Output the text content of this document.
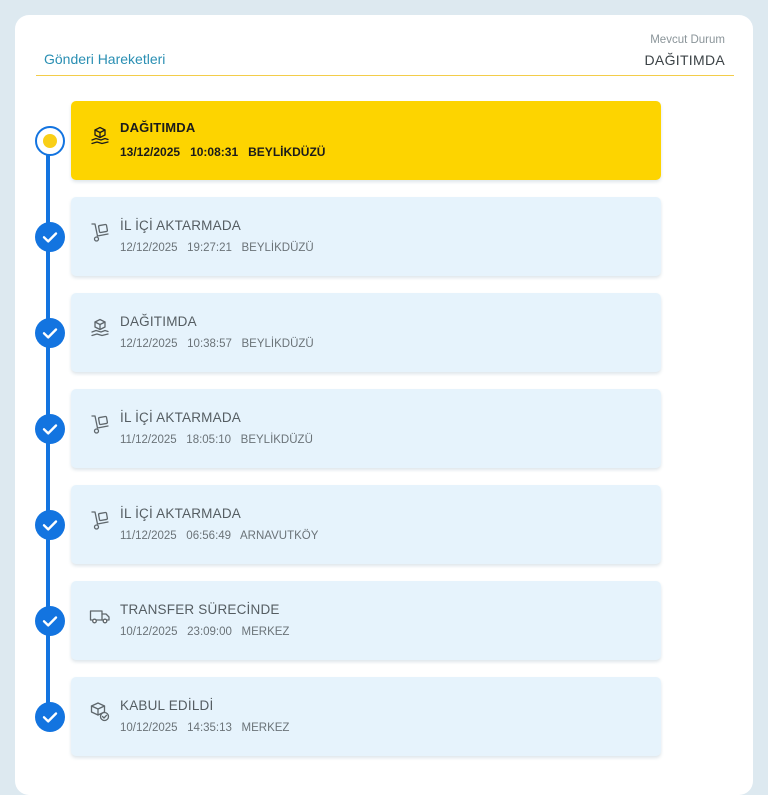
Gönderi Hareketleri
Mevcut Durum
DAĞITIMDA
DAĞITIMDA
13/12/2025 10:08:31 BEYLİKDÜZÜ
İL İÇİ AKTARMADA
12/12/2025 19:27:21 BEYLİKDÜZÜ
DAĞITIMDA
12/12/2025 10:38:57 BEYLİKDÜZÜ
İL İÇİ AKTARMADA
11/12/2025 18:05:10 BEYLİKDÜZÜ
İL İÇİ AKTARMADA
11/12/2025 06:56:49 ARNAVUTKÖY
TRANSFER SÜRECİNDE
10/12/2025 23:09:00 MERKEZ
KABUL EDİLDİ
10/12/2025 14:35:13 MERKEZ
